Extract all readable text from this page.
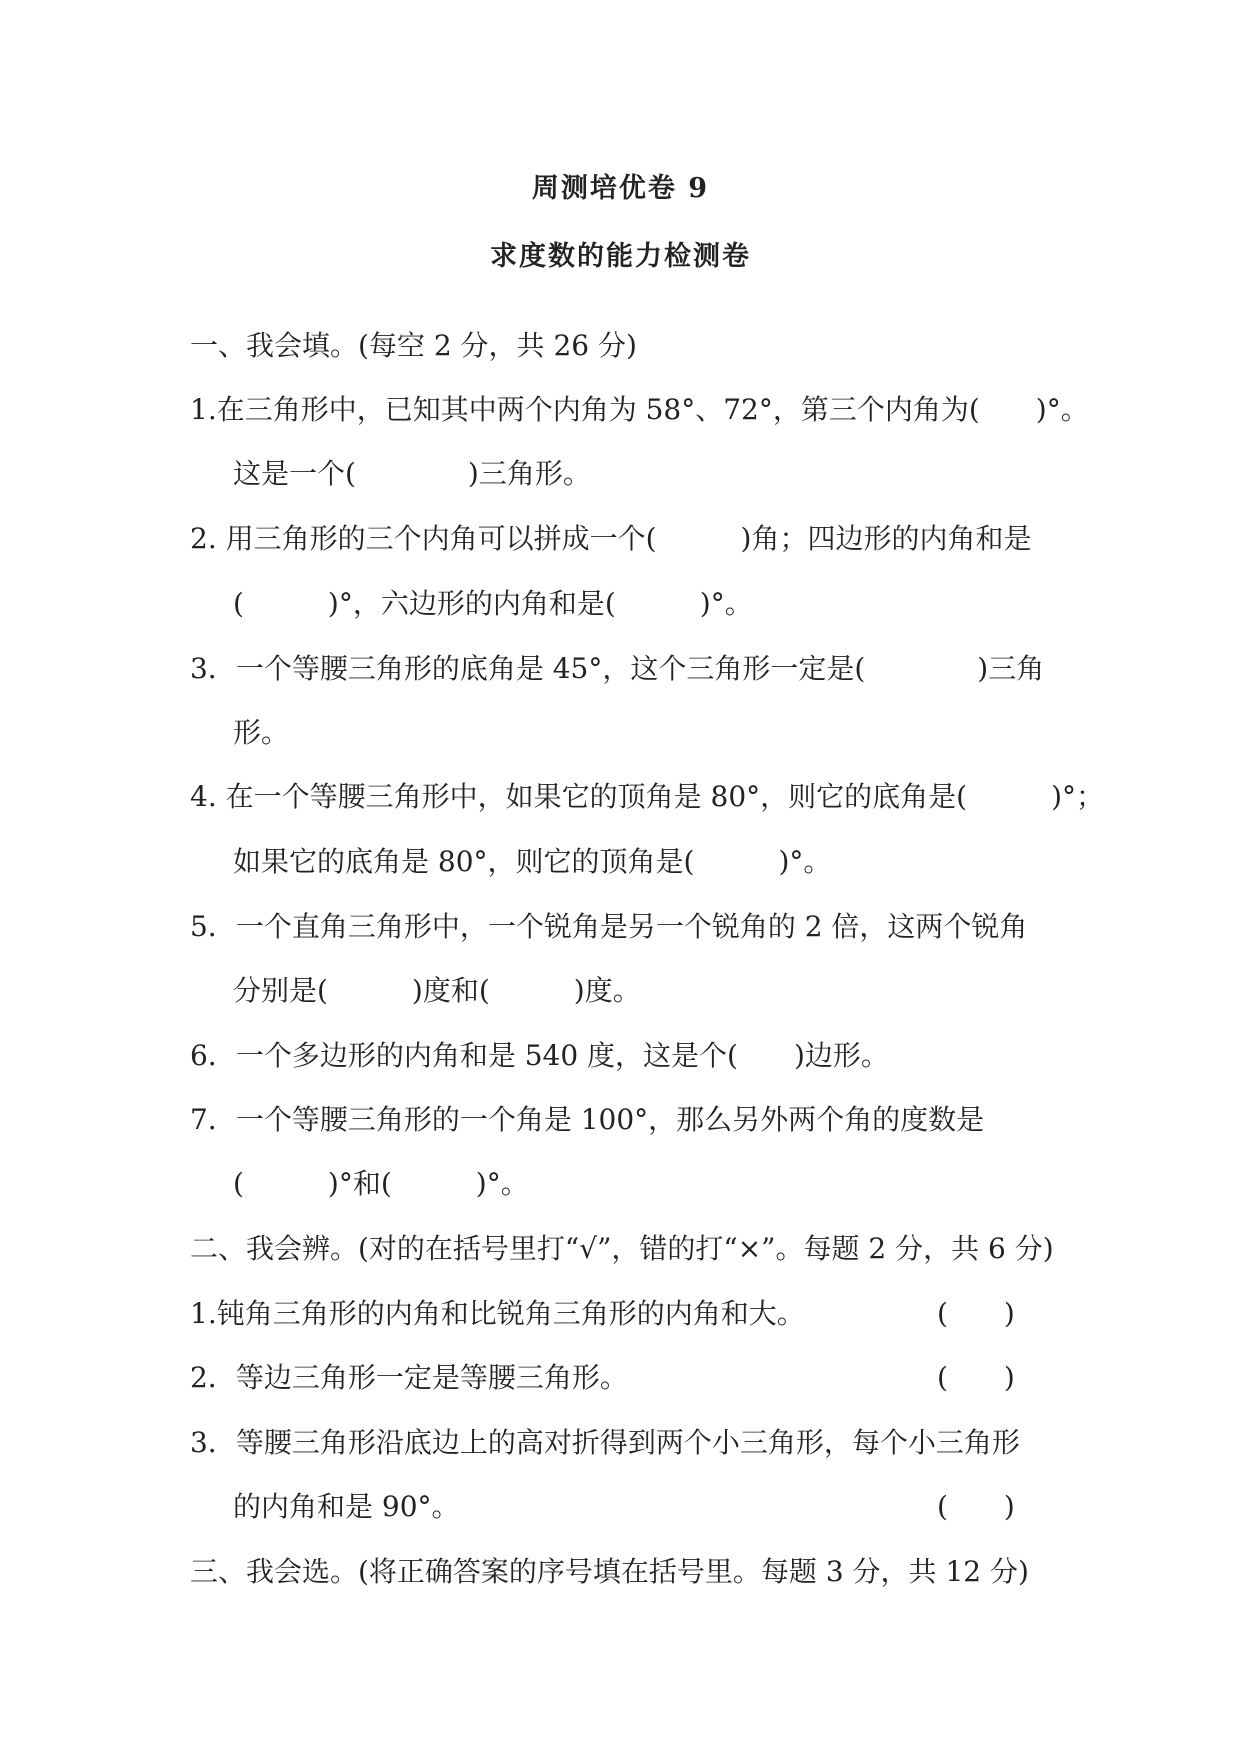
周测培优卷 9
求度数的能力检测卷
一、我会填。(每空 2 分，共 26 分)
1.在三角形中，已知其中两个内角为 58°、72°，第三个内角为(　　)°。
这是一个(　　　　)三角形。
2. 用三角形的三个内角可以拼成一个(　　　)角；四边形的内角和是
(　　　)°，六边形的内角和是(　　　)°。
3．一个等腰三角形的底角是 45°，这个三角形一定是(　　　　)三角
形。
4. 在一个等腰三角形中，如果它的顶角是 80°，则它的底角是(　　　)°；
如果它的底角是 80°，则它的顶角是(　　　)°。
5．一个直角三角形中，一个锐角是另一个锐角的 2 倍，这两个锐角
分别是(　　　)度和(　　　)度。
6．一个多边形的内角和是 540 度，这是个(　　)边形。
7．一个等腰三角形的一个角是 100°，那么另外两个角的度数是
(　　　)°和(　　　)°。
二、我会辨。(对的在括号里打“√”，错的打“×”。每题 2 分，共 6 分)
1.钝角三角形的内角和比锐角三角形的内角和大。	(　　)
2．等边三角形一定是等腰三角形。	(　　)
3．等腰三角形沿底边上的高对折得到两个小三角形，每个小三角形
的内角和是 90°。	(　　)
三、我会选。(将正确答案的序号填在括号里。每题 3 分，共 12 分)
